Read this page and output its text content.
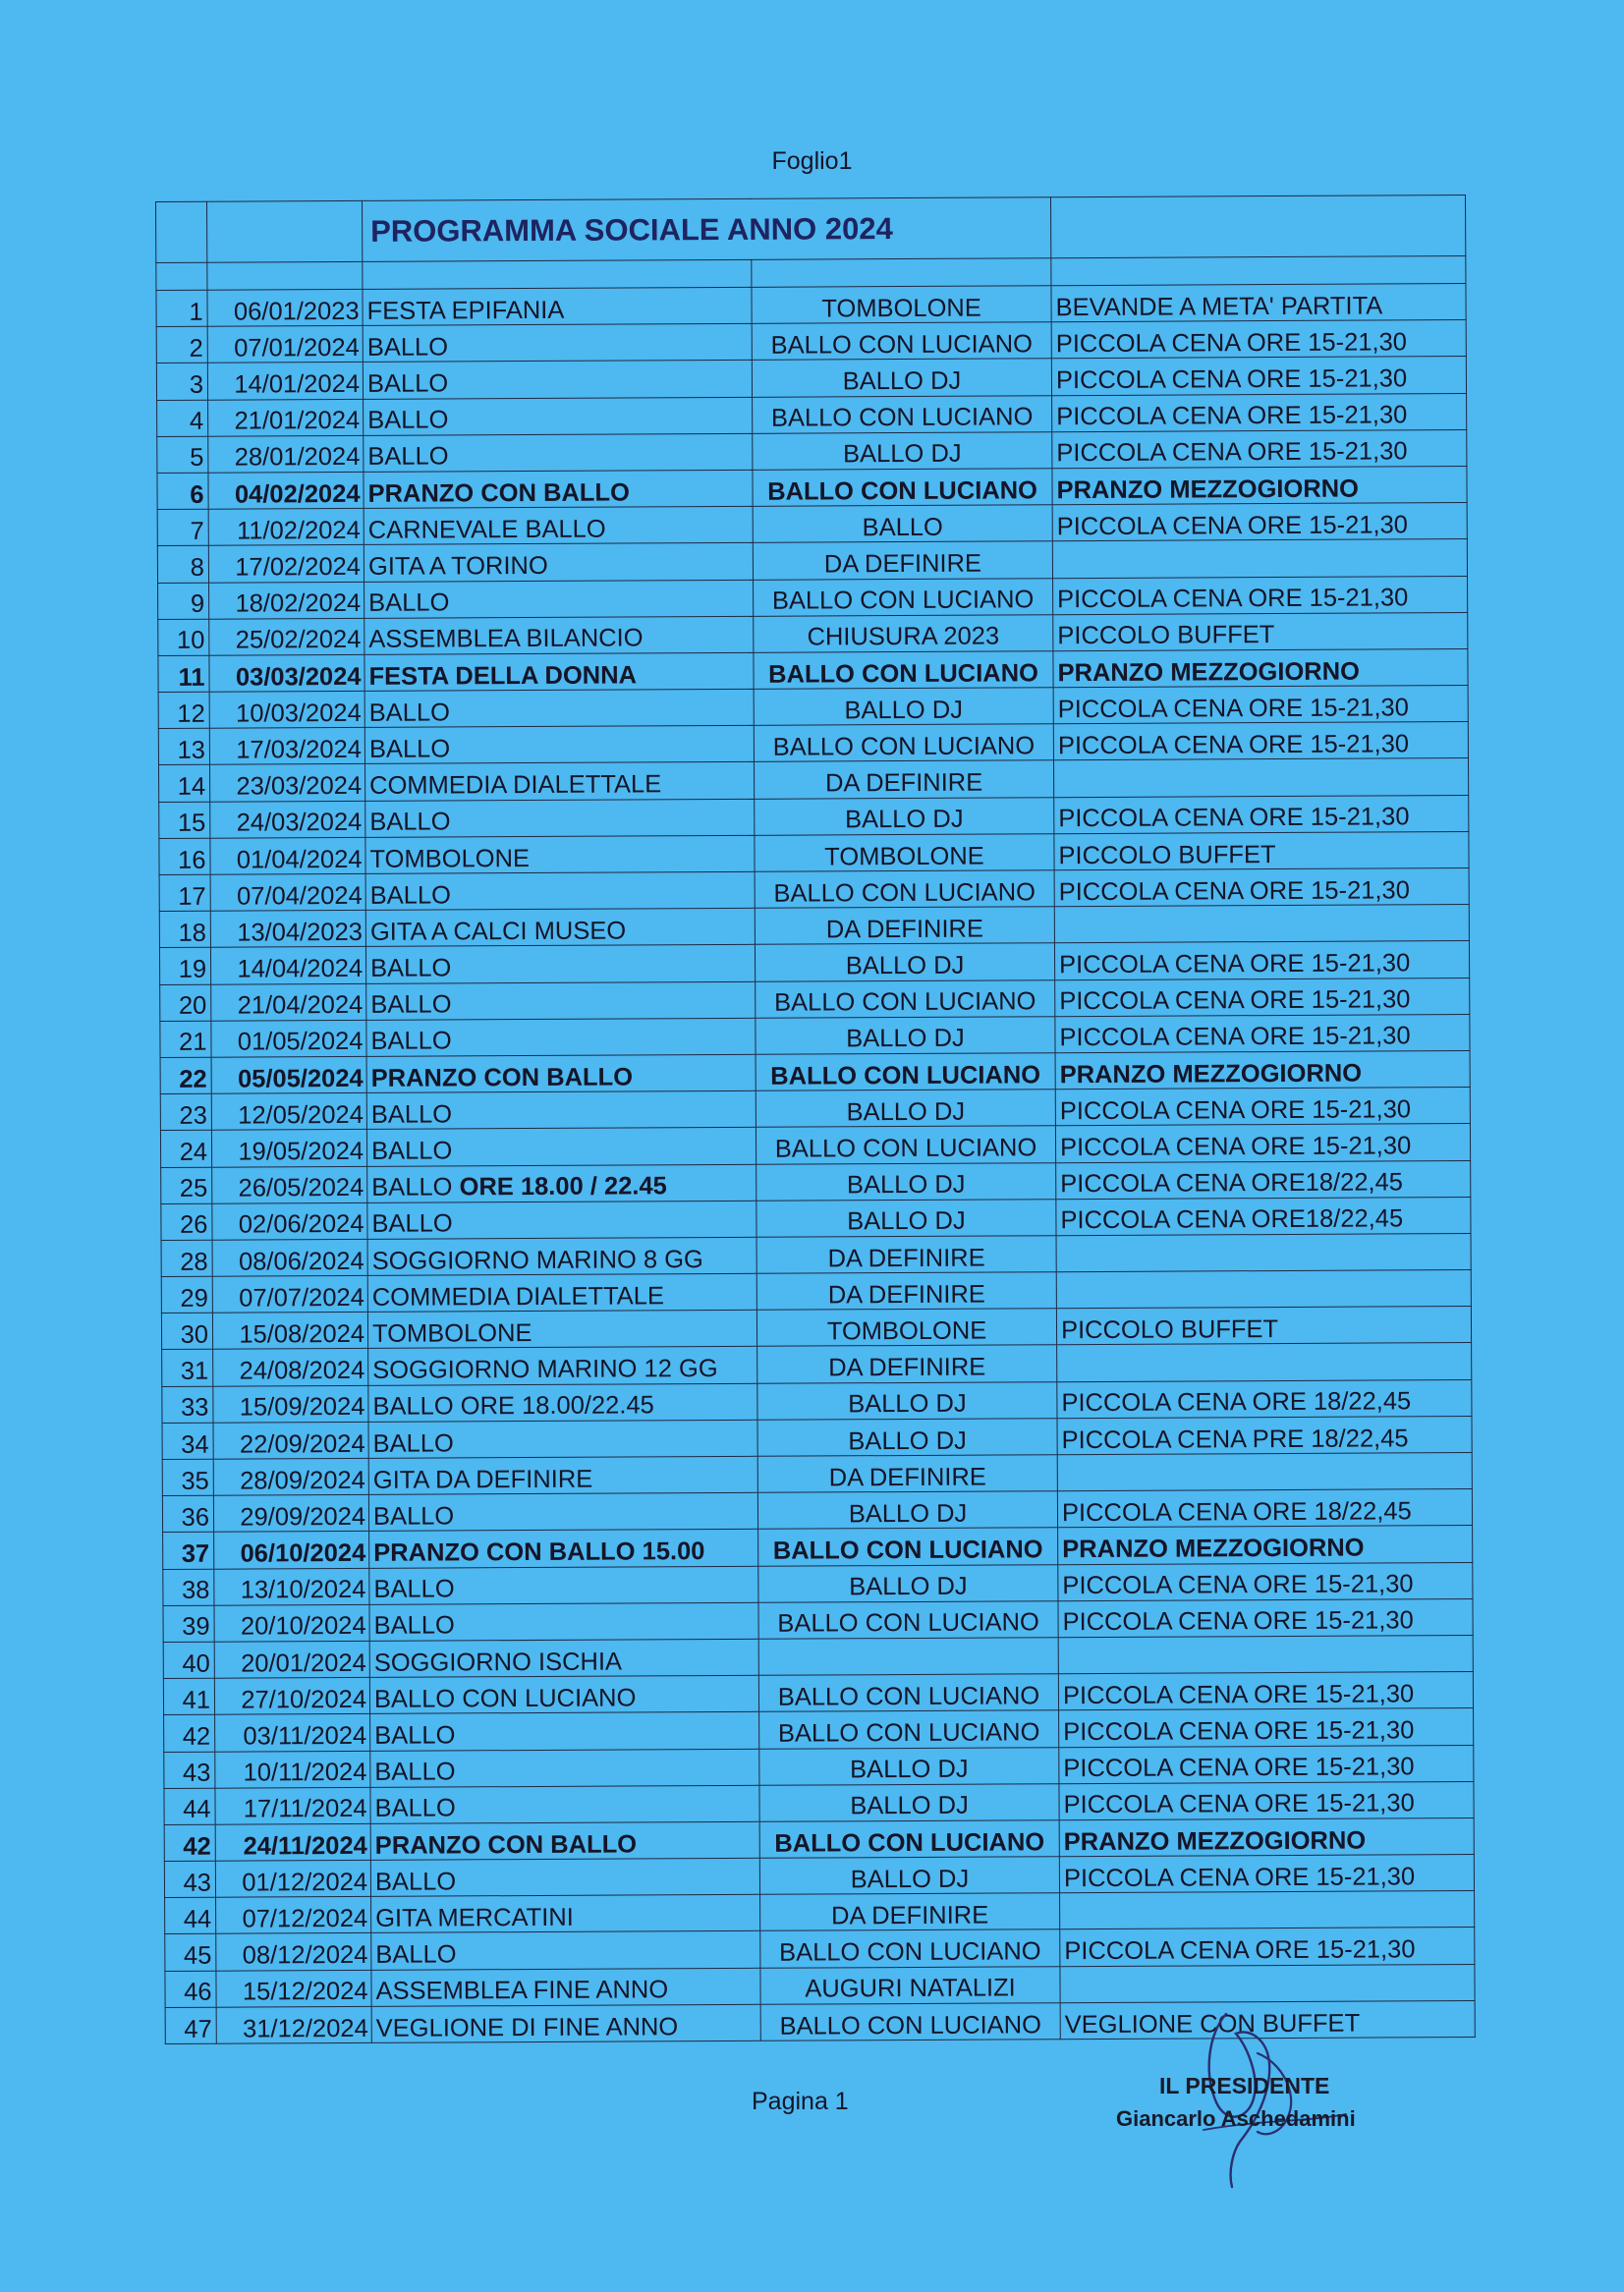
Foglio1
		PROGRAMMA SOCIALE ANNO 2024		

1	06/01/2023	FESTA EPIFANIA	TOMBOLONE	BEVANDE A META' PARTITA
2	07/01/2024	BALLO	BALLO CON LUCIANO	PICCOLA CENA ORE 15-21,30
3	14/01/2024	BALLO	BALLO DJ	PICCOLA CENA ORE 15-21,30
4	21/01/2024	BALLO	BALLO CON LUCIANO	PICCOLA CENA ORE 15-21,30
5	28/01/2024	BALLO	BALLO DJ	PICCOLA CENA ORE 15-21,30
6	04/02/2024	PRANZO CON BALLO	BALLO CON LUCIANO	PRANZO MEZZOGIORNO
7	11/02/2024	CARNEVALE BALLO	BALLO	PICCOLA CENA ORE 15-21,30
8	17/02/2024	GITA A TORINO	DA DEFINIRE	
9	18/02/2024	BALLO	BALLO CON LUCIANO	PICCOLA CENA ORE 15-21,30
10	25/02/2024	ASSEMBLEA BILANCIO	CHIUSURA 2023	PICCOLO BUFFET
11	03/03/2024	FESTA DELLA DONNA	BALLO CON LUCIANO	PRANZO MEZZOGIORNO
12	10/03/2024	BALLO	BALLO DJ	PICCOLA CENA ORE 15-21,30
13	17/03/2024	BALLO	BALLO CON LUCIANO	PICCOLA CENA ORE 15-21,30
14	23/03/2024	COMMEDIA DIALETTALE	DA DEFINIRE	
15	24/03/2024	BALLO	BALLO DJ	PICCOLA CENA ORE 15-21,30
16	01/04/2024	TOMBOLONE	TOMBOLONE	PICCOLO BUFFET
17	07/04/2024	BALLO	BALLO CON LUCIANO	PICCOLA CENA ORE 15-21,30
18	13/04/2023	GITA A CALCI MUSEO	DA DEFINIRE	
19	14/04/2024	BALLO	BALLO DJ	PICCOLA CENA ORE 15-21,30
20	21/04/2024	BALLO	BALLO CON LUCIANO	PICCOLA CENA ORE 15-21,30
21	01/05/2024	BALLO	BALLO DJ	PICCOLA CENA ORE 15-21,30
22	05/05/2024	PRANZO CON BALLO	BALLO CON LUCIANO	PRANZO MEZZOGIORNO
23	12/05/2024	BALLO	BALLO DJ	PICCOLA CENA ORE 15-21,30
24	19/05/2024	BALLO	BALLO CON LUCIANO	PICCOLA CENA ORE 15-21,30
25	26/05/2024	BALLO ORE 18.00 / 22.45	BALLO DJ	PICCOLA CENA ORE18/22,45
26	02/06/2024	BALLO	BALLO DJ	PICCOLA CENA ORE18/22,45
28	08/06/2024	SOGGIORNO MARINO 8 GG	DA DEFINIRE	
29	07/07/2024	COMMEDIA DIALETTALE	DA DEFINIRE	
30	15/08/2024	TOMBOLONE	TOMBOLONE	PICCOLO BUFFET
31	24/08/2024	SOGGIORNO MARINO 12 GG	DA DEFINIRE	
33	15/09/2024	BALLO ORE 18.00/22.45	BALLO DJ	PICCOLA CENA ORE 18/22,45
34	22/09/2024	BALLO	BALLO DJ	PICCOLA CENA PRE 18/22,45
35	28/09/2024	GITA DA DEFINIRE	DA DEFINIRE	
36	29/09/2024	BALLO	BALLO DJ	PICCOLA CENA ORE 18/22,45
37	06/10/2024	PRANZO CON BALLO 15.00	BALLO CON LUCIANO	PRANZO MEZZOGIORNO
38	13/10/2024	BALLO	BALLO DJ	PICCOLA CENA ORE 15-21,30
39	20/10/2024	BALLO	BALLO CON LUCIANO	PICCOLA CENA ORE 15-21,30
40	20/01/2024	SOGGIORNO ISCHIA		
41	27/10/2024	BALLO CON LUCIANO	BALLO CON LUCIANO	PICCOLA CENA ORE 15-21,30
42	03/11/2024	BALLO	BALLO CON LUCIANO	PICCOLA CENA ORE 15-21,30
43	10/11/2024	BALLO	BALLO DJ	PICCOLA CENA ORE 15-21,30
44	17/11/2024	BALLO	BALLO DJ	PICCOLA CENA ORE 15-21,30
42	24/11/2024	PRANZO CON BALLO	BALLO CON LUCIANO	PRANZO MEZZOGIORNO
43	01/12/2024	BALLO	BALLO DJ	PICCOLA CENA ORE 15-21,30
44	07/12/2024	GITA MERCATINI	DA DEFINIRE	
45	08/12/2024	BALLO	BALLO CON LUCIANO	PICCOLA CENA ORE 15-21,30
46	15/12/2024	ASSEMBLEA FINE ANNO	AUGURI NATALIZI	
47	31/12/2024	VEGLIONE DI FINE ANNO	BALLO CON LUCIANO	VEGLIONE CON BUFFET
Pagina 1
IL PRESIDENTE
Giancarlo Aschedamini
